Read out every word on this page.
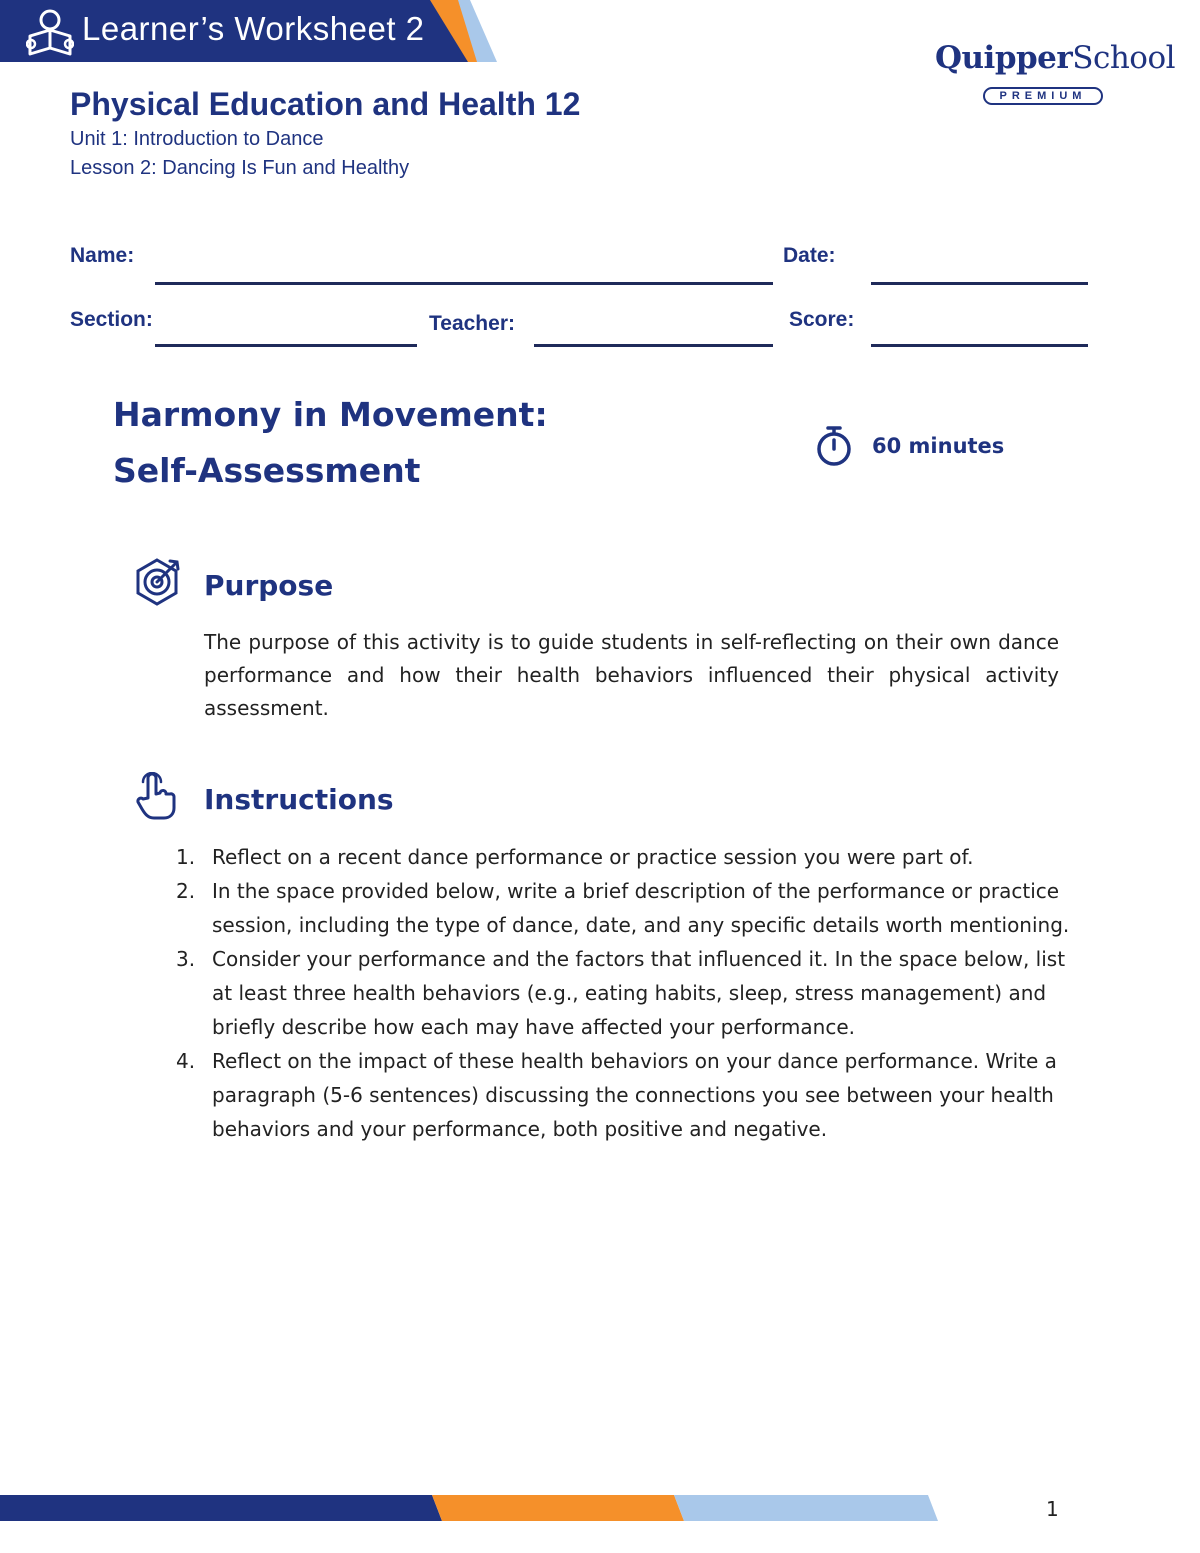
Learner’s Worksheet 2
QuipperSchool
PREMIUM
Physical Education and Health 12
Unit 1: Introduction to Dance
Lesson 2: Dancing Is Fun and Healthy
Name:	Date:
Section:	Teacher:	Score:
Harmony in Movement:
Self-Assessment
60 minutes
Purpose
The purpose of this activity is to guide students in self-reflecting on their own dance performance and how their health behaviors influenced their physical activity assessment.
Instructions
1. Reflect on a recent dance performance or practice session you were part of.
2. In the space provided below, write a brief description of the performance or practice session, including the type of dance, date, and any specific details worth mentioning.
3. Consider your performance and the factors that influenced it. In the space below, list at least three health behaviors (e.g., eating habits, sleep, stress management) and briefly describe how each may have affected your performance.
4. Reflect on the impact of these health behaviors on your dance performance. Write a paragraph (5-6 sentences) discussing the connections you see between your health behaviors and your performance, both positive and negative.
1
